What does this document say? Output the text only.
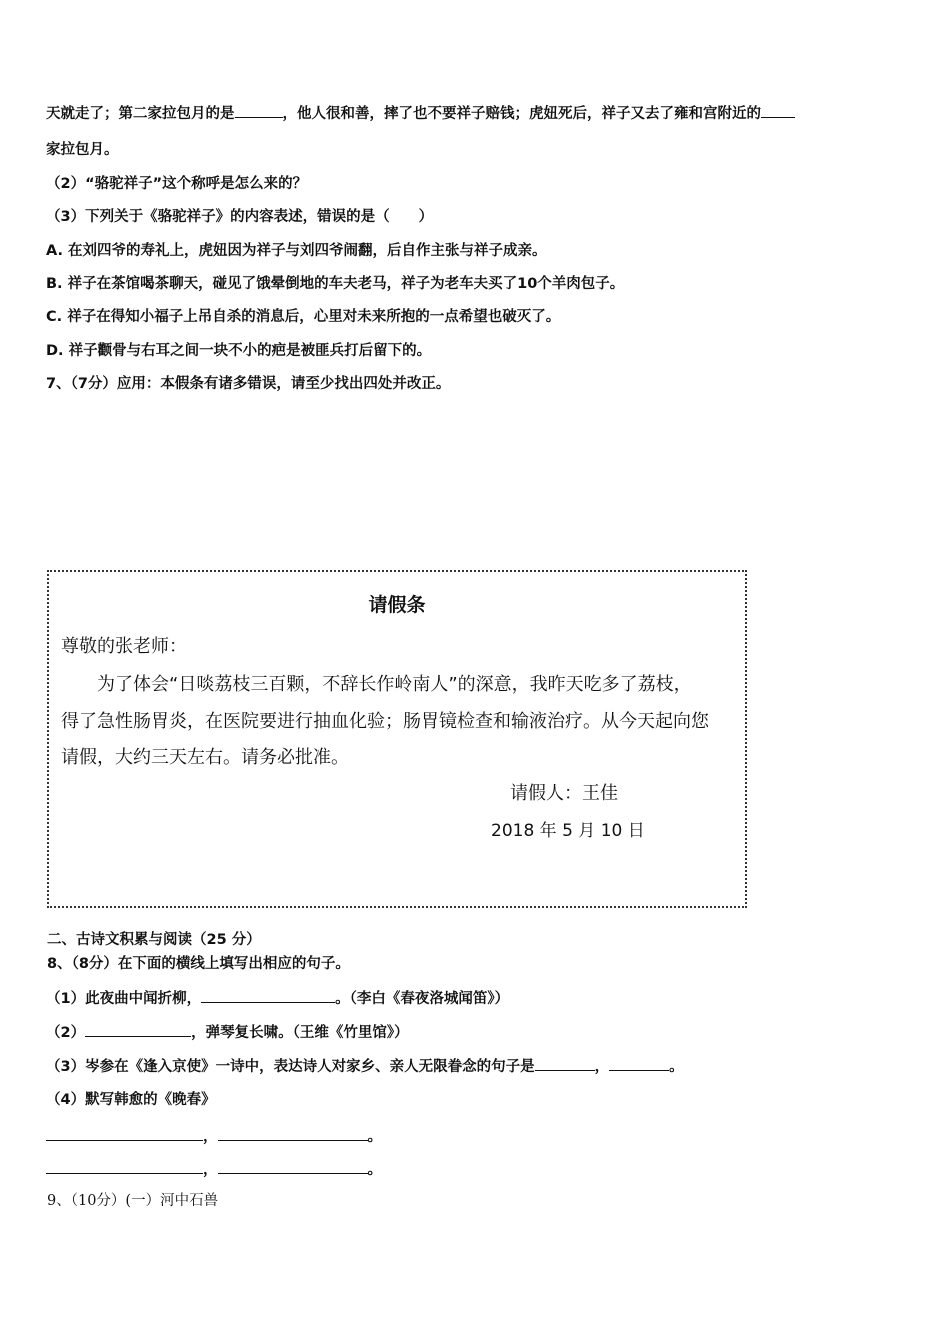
天就走了；第二家拉包月的是	，他人很和善，摔了也不要祥子赔钱；虎妞死后，祥子又去了雍和宫附近的
家拉包月。
（2）“骆驼祥子”这个称呼是怎么来的？
（3）下列关于《骆驼祥子》的内容表述，错误的是（　　）
A. 在刘四爷的寿礼上，虎妞因为祥子与刘四爷闹翻，后自作主张与祥子成亲。
B. 祥子在茶馆喝茶聊天，碰见了饿晕倒地的车夫老马，祥子为老车夫买了10个羊肉包子。
C. 祥子在得知小福子上吊自杀的消息后，心里对未来所抱的一点希望也破灭了。
D. 祥子颧骨与右耳之间一块不小的疤是被匪兵打后留下的。
7、（7分）应用：本假条有诸多错误，请至少找出四处并改正。
请假条
尊敬的张老师：
为了体会“日啖荔枝三百颗，不辞长作岭南人”的深意，我昨天吃多了荔枝，
得了急性肠胃炎，在医院要进行抽血化验；肠胃镜检查和输液治疗。从今天起向您
请假，大约三天左右。请务必批准。
请假人：王佳
2018 年 5 月 10 日
二、古诗文积累与阅读（25 分）
8、（8分）在下面的横线上填写出相应的句子。
（1）此夜曲中闻折柳，	。（李白《春夜洛城闻笛》）
（2）	，弹琴复长啸。（王维《竹里馆》）
（3）岑参在《逢入京使》一诗中，表达诗人对家乡、亲人无限眷念的句子是	，	。
（4）默写韩愈的《晚春》
，	。
，	。
9、（10分）(一）河中石兽
